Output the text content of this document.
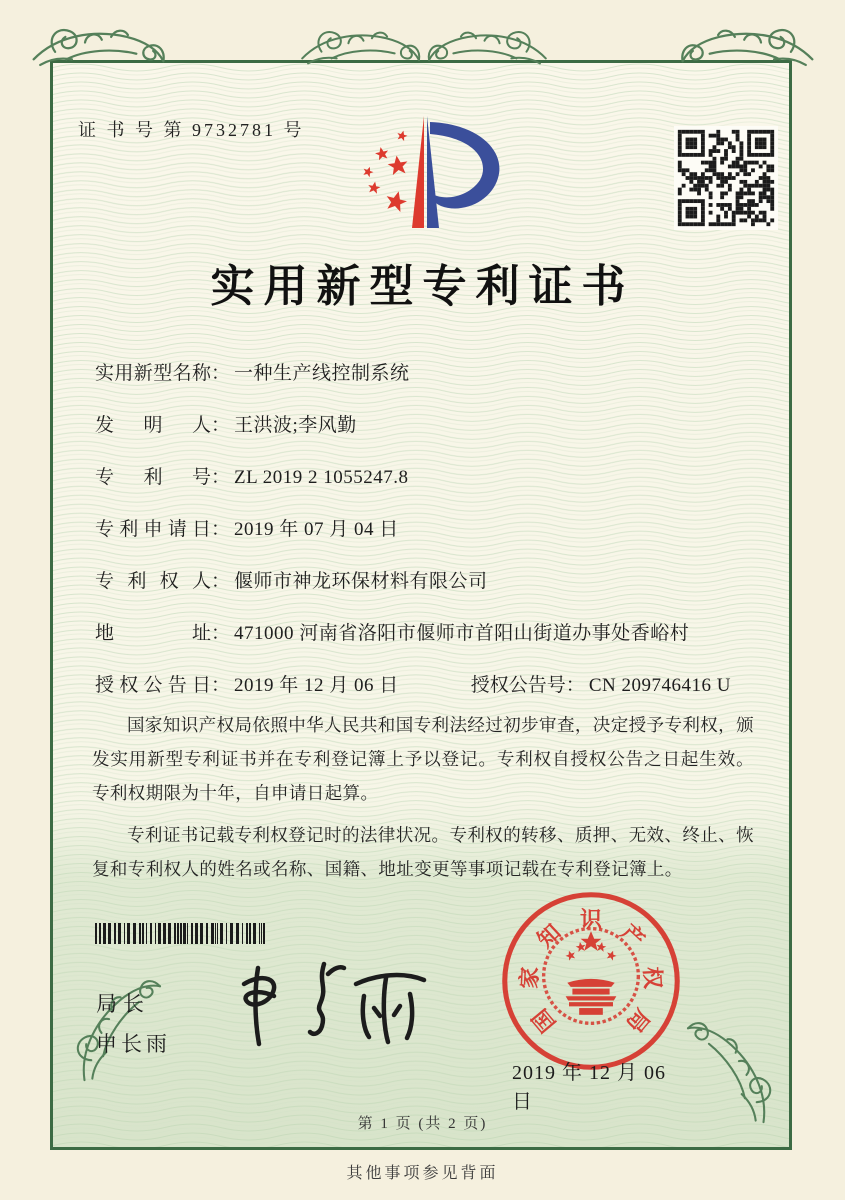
证 书 号 第 9732781 号
实用新型专利证书
实用新型名称： 一种生产线控制系统
发明人： 王洪波;李风勤
专利号： ZL 2019 2 1055247.8
专利申请日： 2019 年 07 月 04 日
专利权人： 偃师市神龙环保材料有限公司
地址： 471000 河南省洛阳市偃师市首阳山街道办事处香峪村
授权公告日： 2019 年 12 月 06 日	授权公告号： CN 209746416 U

国家知识产权局依照中华人民共和国专利法经过初步审查，决定授予专利权，颁发实用新型专利证书并在专利登记簿上予以登记。专利权自授权公告之日起生效。专利权期限为十年，自申请日起算。

专利证书记载专利权登记时的法律状况。专利权的转移、质押、无效、终止、恢复和专利权人的姓名或名称、国籍、地址变更等事项记载在专利登记簿上。

局长
申长雨
国
家
知 识 产
权
局
2019 年 12 月 06 日
第 1 页 (共 2 页)
其他事项参见背面
